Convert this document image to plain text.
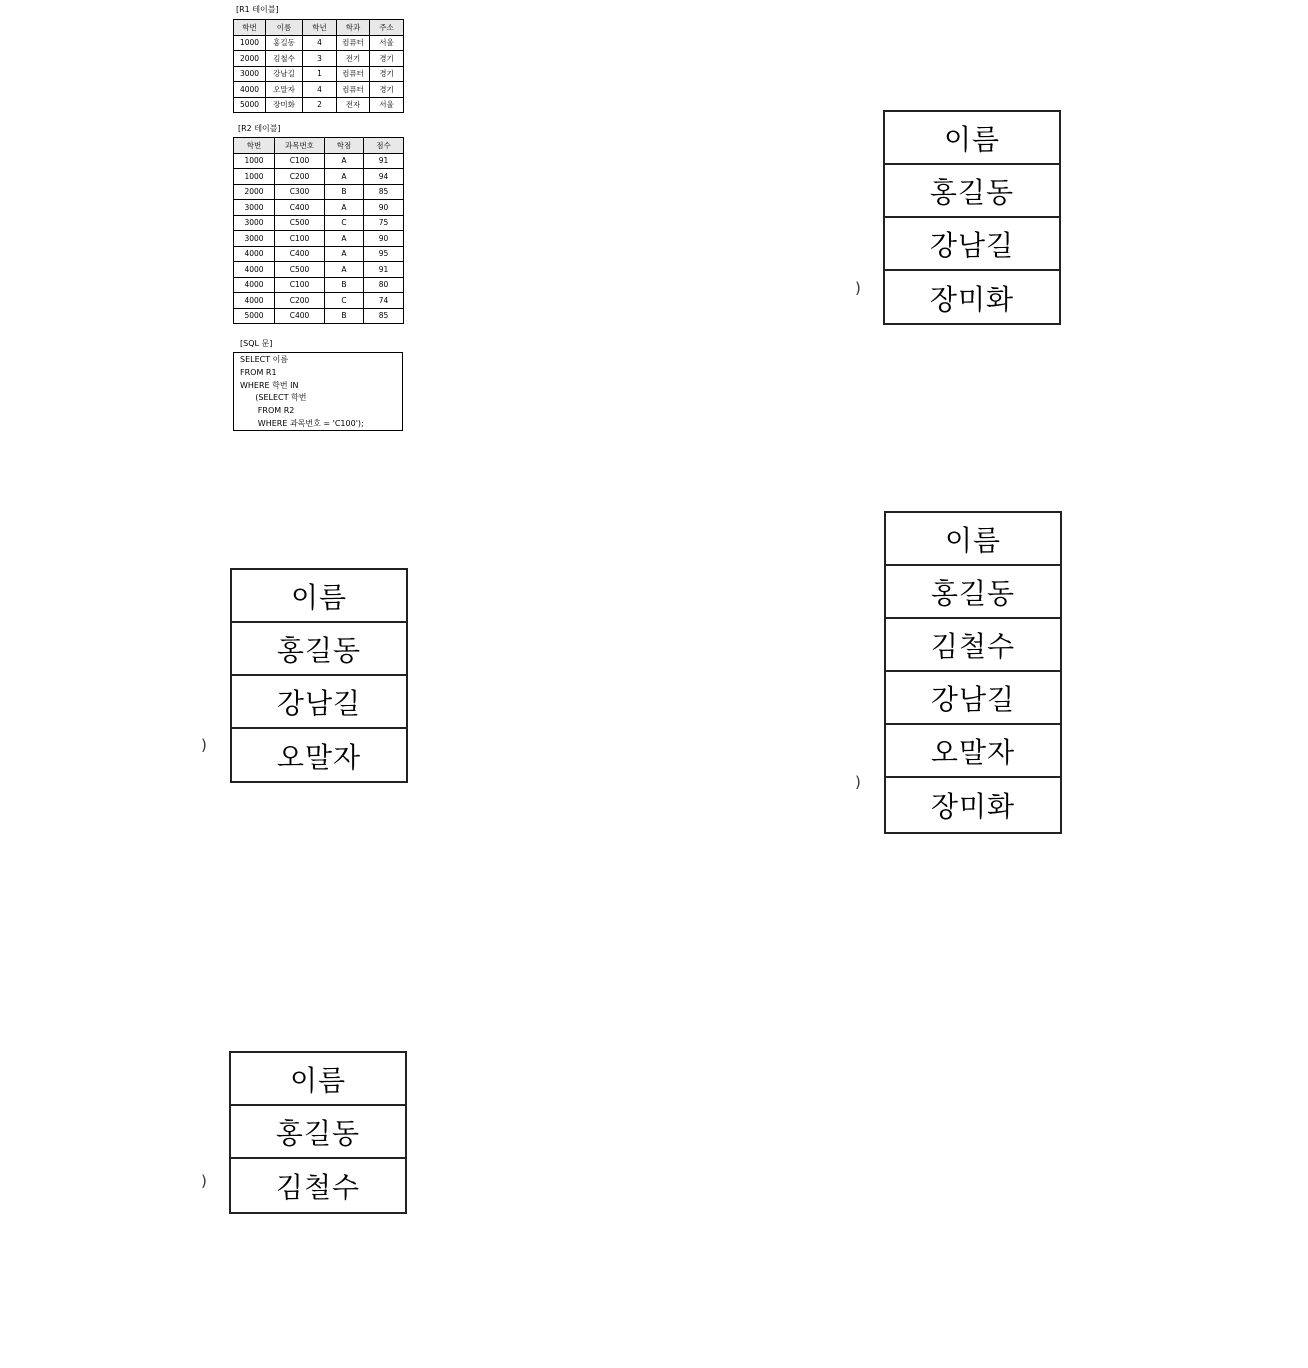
[R1 테이블]
학번	이름	학년	학과	주소
1000	홍길동	4	컴퓨터	서울
2000	김철수	3	전기	경기
3000	강남길	1	컴퓨터	경기
4000	오말자	4	컴퓨터	경기
5000	장미화	2	전자	서울
[R2 테이블]
학번	과목번호	학점	점수
1000	C100	A	91
1000	C200	A	94
2000	C300	B	85
3000	C400	A	90
3000	C500	C	75
3000	C100	A	90
4000	C400	A	95
4000	C500	A	91
4000	C100	B	80
4000	C200	C	74
5000	C400	B	85
[SQL 문]
SELECT 이름
FROM R1
WHERE 학번 IN
(SELECT 학번
FROM R2
WHERE 과목번호 = 'C100');
)
이름
홍길동
강남길
장미화
)
이름
홍길동
강남길
오말자
)
이름
홍길동
김철수
강남길
오말자
장미화
)
이름
홍길동
김철수
